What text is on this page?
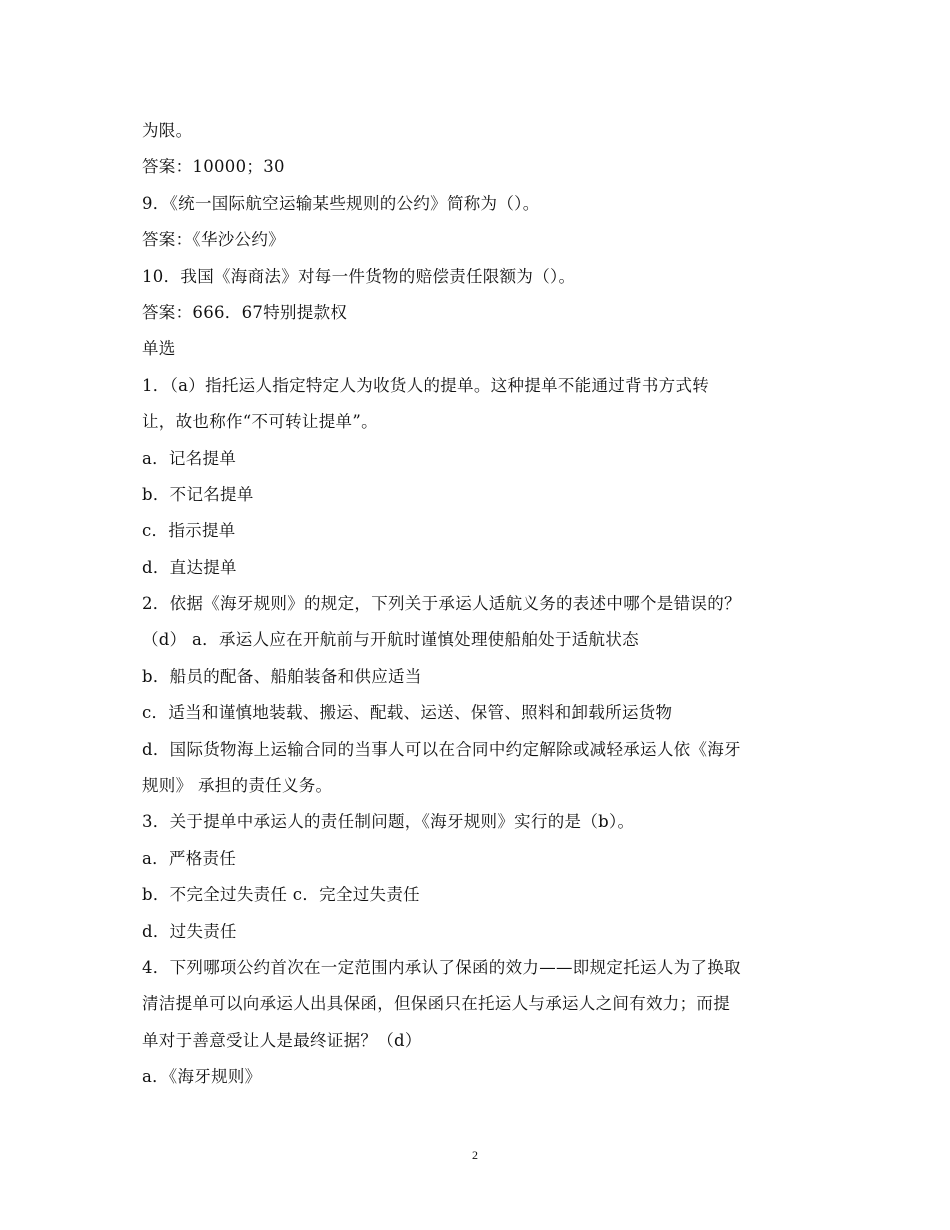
为限。
答案：10000；30
9．《统一国际航空运输某些规则的公约》简称为（）。
答案：《华沙公约》
10．我国《海商法》对每一件货物的赔偿责任限额为（）。
答案：666．67特别提款权
单选
1．（a）指托运人指定特定人为收货人的提单。这种提单不能通过背书方式转
让，故也称作“不可转让提单”。
a．记名提单
b．不记名提单
c．指示提单
d．直达提单
2．依据《海牙规则》的规定，下列关于承运人适航义务的表述中哪个是错误的？
（d） a．承运人应在开航前与开航时谨慎处理使船舶处于适航状态
b．船员的配备、船舶装备和供应适当
c．适当和谨慎地装载、搬运、配载、运送、保管、照料和卸载所运货物
d．国际货物海上运输合同的当事人可以在合同中约定解除或减轻承运人依《海牙
规则》 承担的责任义务。
3．关于提单中承运人的责任制问题，《海牙规则》实行的是（b）。
a．严格责任
b．不完全过失责任 c．完全过失责任
d．过失责任
4．下列哪项公约首次在一定范围内承认了保函的效力——即规定托运人为了换取
清洁提单可以向承运人出具保函，但保函只在托运人与承运人之间有效力；而提
单对于善意受让人是最终证据？（d）
a．《海牙规则》
2
